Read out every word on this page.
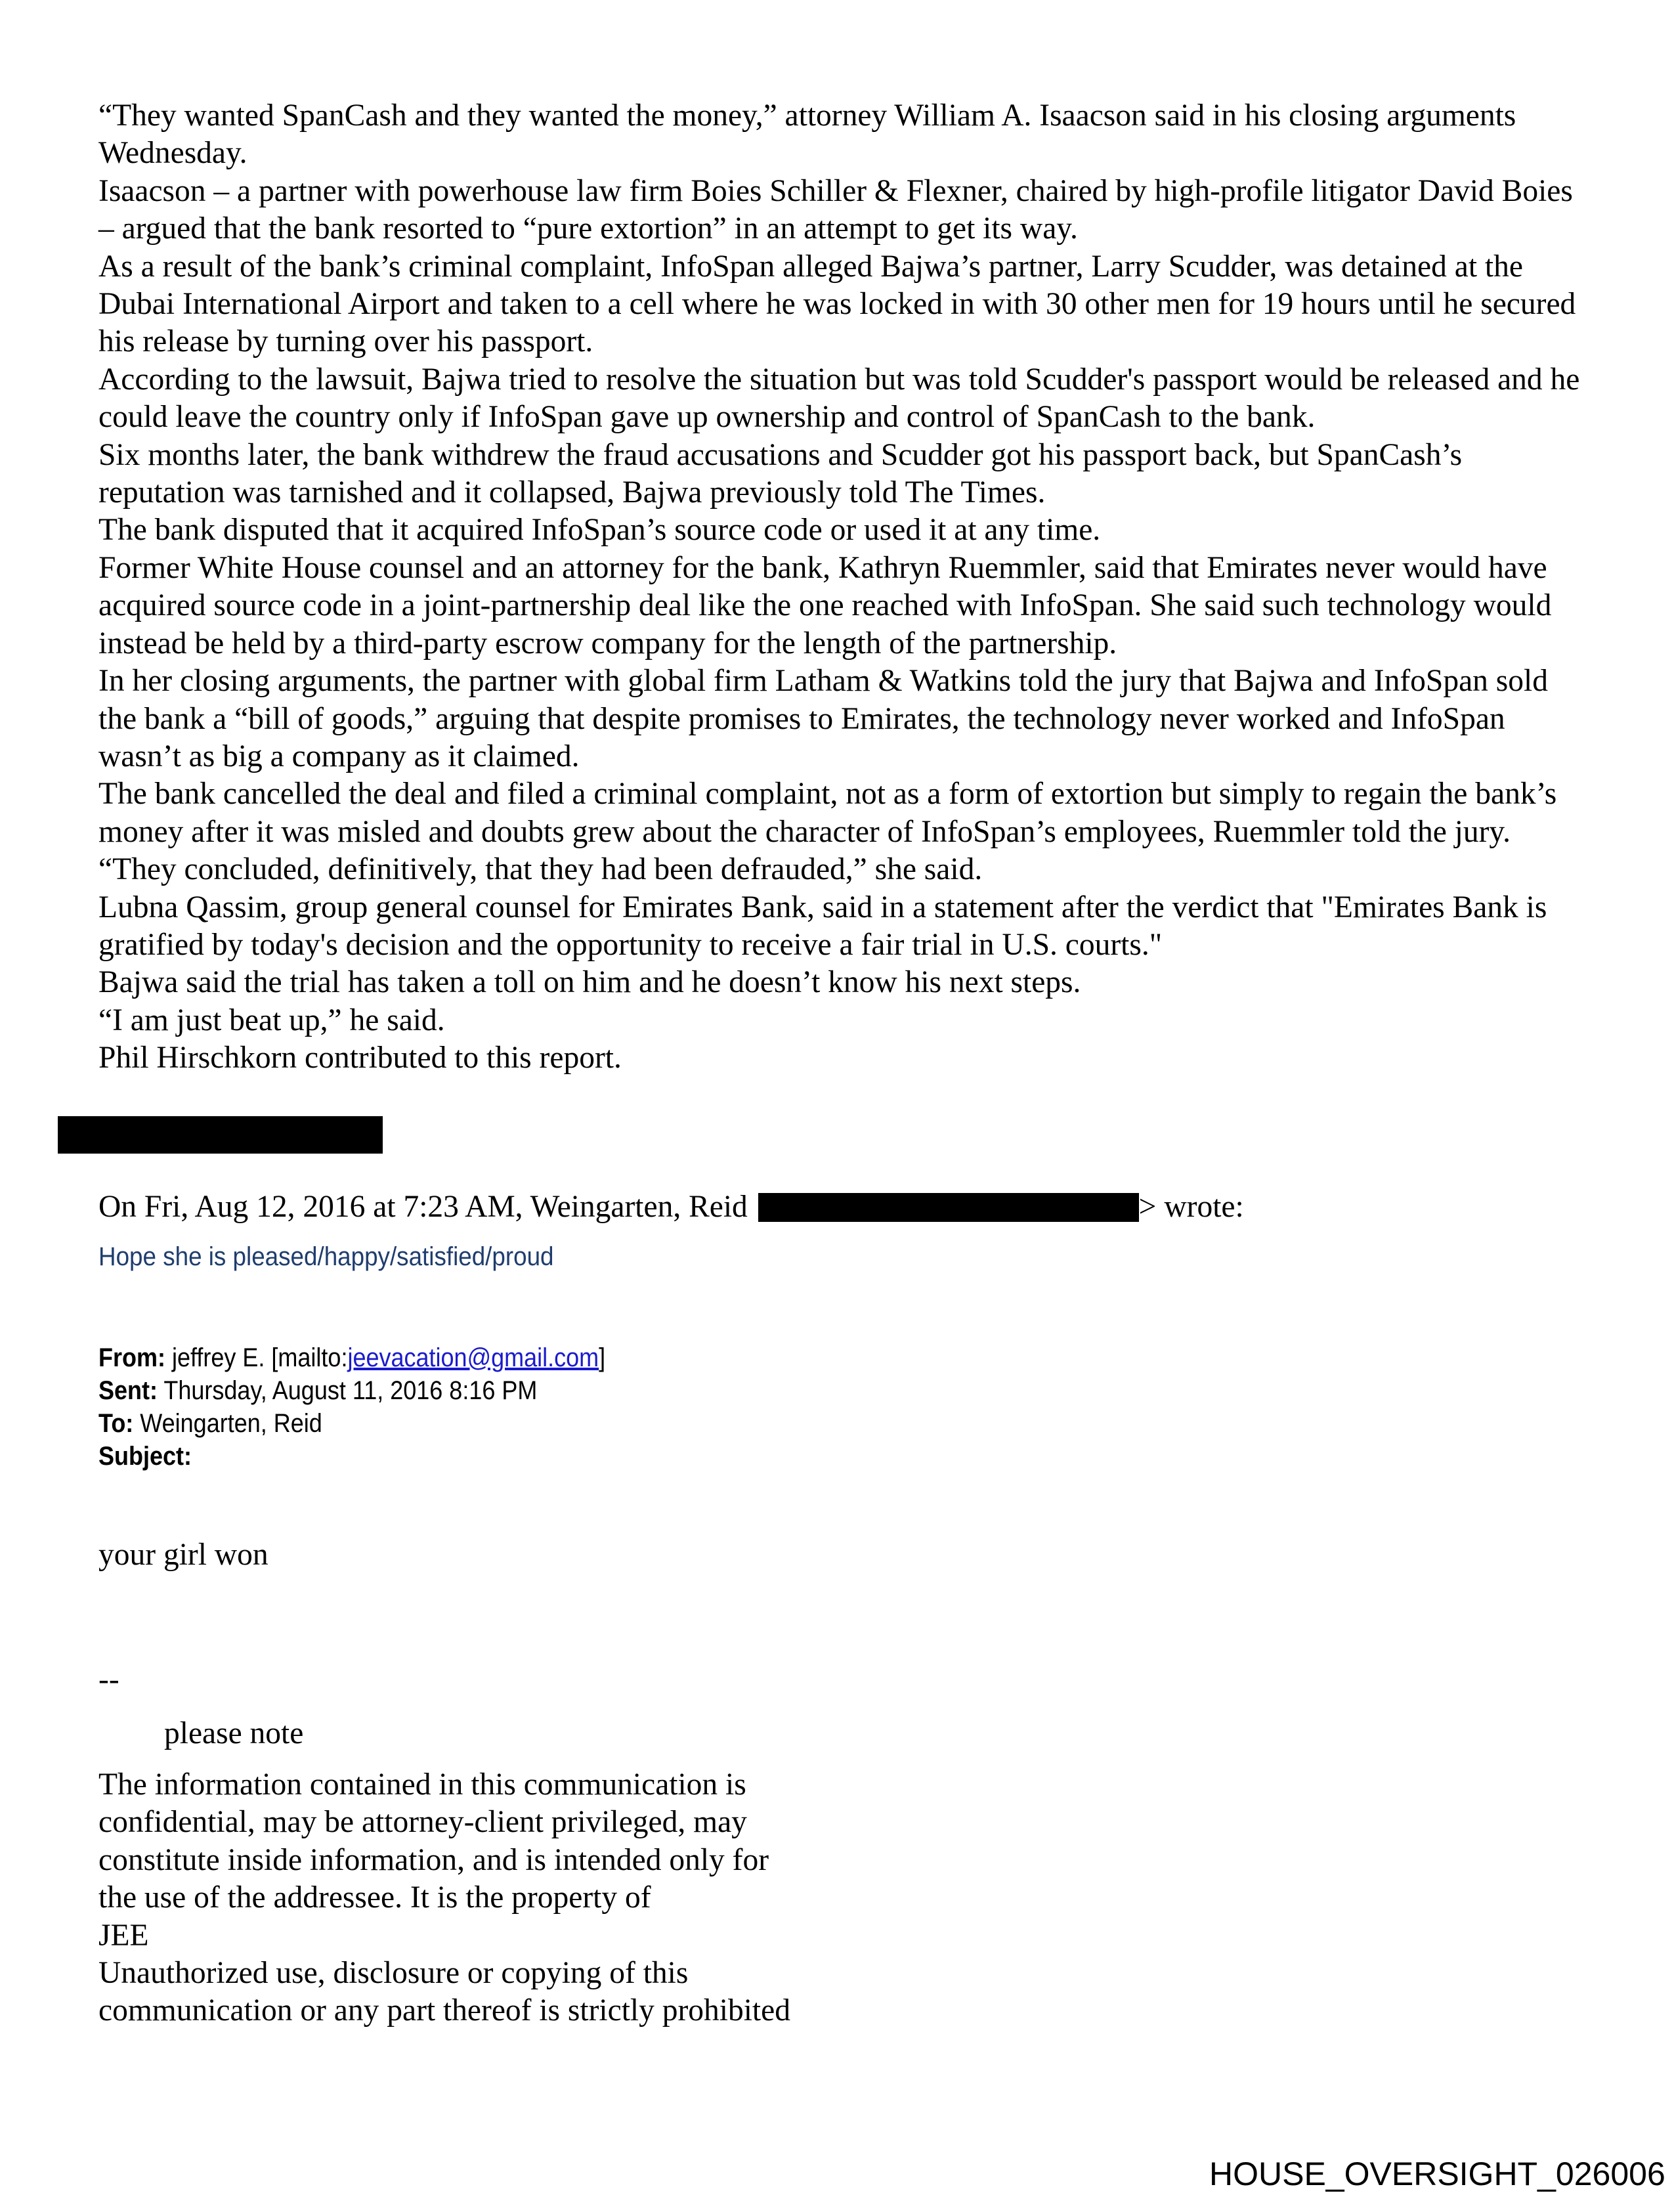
“They wanted SpanCash and they wanted the money,” attorney William A. Isaacson said in his closing arguments Wednesday.

Isaacson – a partner with powerhouse law firm Boies Schiller & Flexner, chaired by high-profile litigator David Boies – argued that the bank resorted to “pure extortion” in an attempt to get its way.

As a result of the bank’s criminal complaint, InfoSpan alleged Bajwa’s partner, Larry Scudder, was detained at the Dubai International Airport and taken to a cell where he was locked in with 30 other men for 19 hours until he secured his release by turning over his passport.

According to the lawsuit, Bajwa tried to resolve the situation but was told Scudder's passport would be released and he could leave the country only if InfoSpan gave up ownership and control of SpanCash to the bank.

Six months later, the bank withdrew the fraud accusations and Scudder got his passport back, but SpanCash’s reputation was tarnished and it collapsed, Bajwa previously told The Times.

The bank disputed that it acquired InfoSpan’s source code or used it at any time.

Former White House counsel and an attorney for the bank, Kathryn Ruemmler, said that Emirates never would have acquired source code in a joint-partnership deal like the one reached with InfoSpan. She said such technology would instead be held by a third-party escrow company for the length of the partnership.

In her closing arguments, the partner with global firm Latham & Watkins told the jury that Bajwa and InfoSpan sold the bank a “bill of goods,” arguing that despite promises to Emirates, the technology never worked and InfoSpan wasn’t as big a company as it claimed.

The bank cancelled the deal and filed a criminal complaint, not as a form of extortion but simply to regain the bank’s money after it was misled and doubts grew about the character of InfoSpan’s employees, Ruemmler told the jury.

“They concluded, definitively, that they had been defrauded,” she said.

Lubna Qassim, group general counsel for Emirates Bank, said in a statement after the verdict that "Emirates Bank is gratified by today's decision and the opportunity to receive a fair trial in U.S. courts."

Bajwa said the trial has taken a toll on him and he doesn’t know his next steps.

“I am just beat up,” he said.

Phil Hirschkorn contributed to this report.

On Fri, Aug 12, 2016 at 7:23 AM, Weingarten, Reid	> wrote:
Hope she is pleased/happy/satisfied/proud
From: jeffrey E. [mailto:jeevacation@gmail.com]
Sent: Thursday, August 11, 2016 8:16 PM
To: Weingarten, Reid
Subject:
your girl won
--
please note
The information contained in this communication is
confidential, may be attorney-client privileged, may
constitute inside information, and is intended only for
the use of the addressee. It is the property of
JEE
Unauthorized use, disclosure or copying of this
communication or any part thereof is strictly prohibited
HOUSE_OVERSIGHT_026006
